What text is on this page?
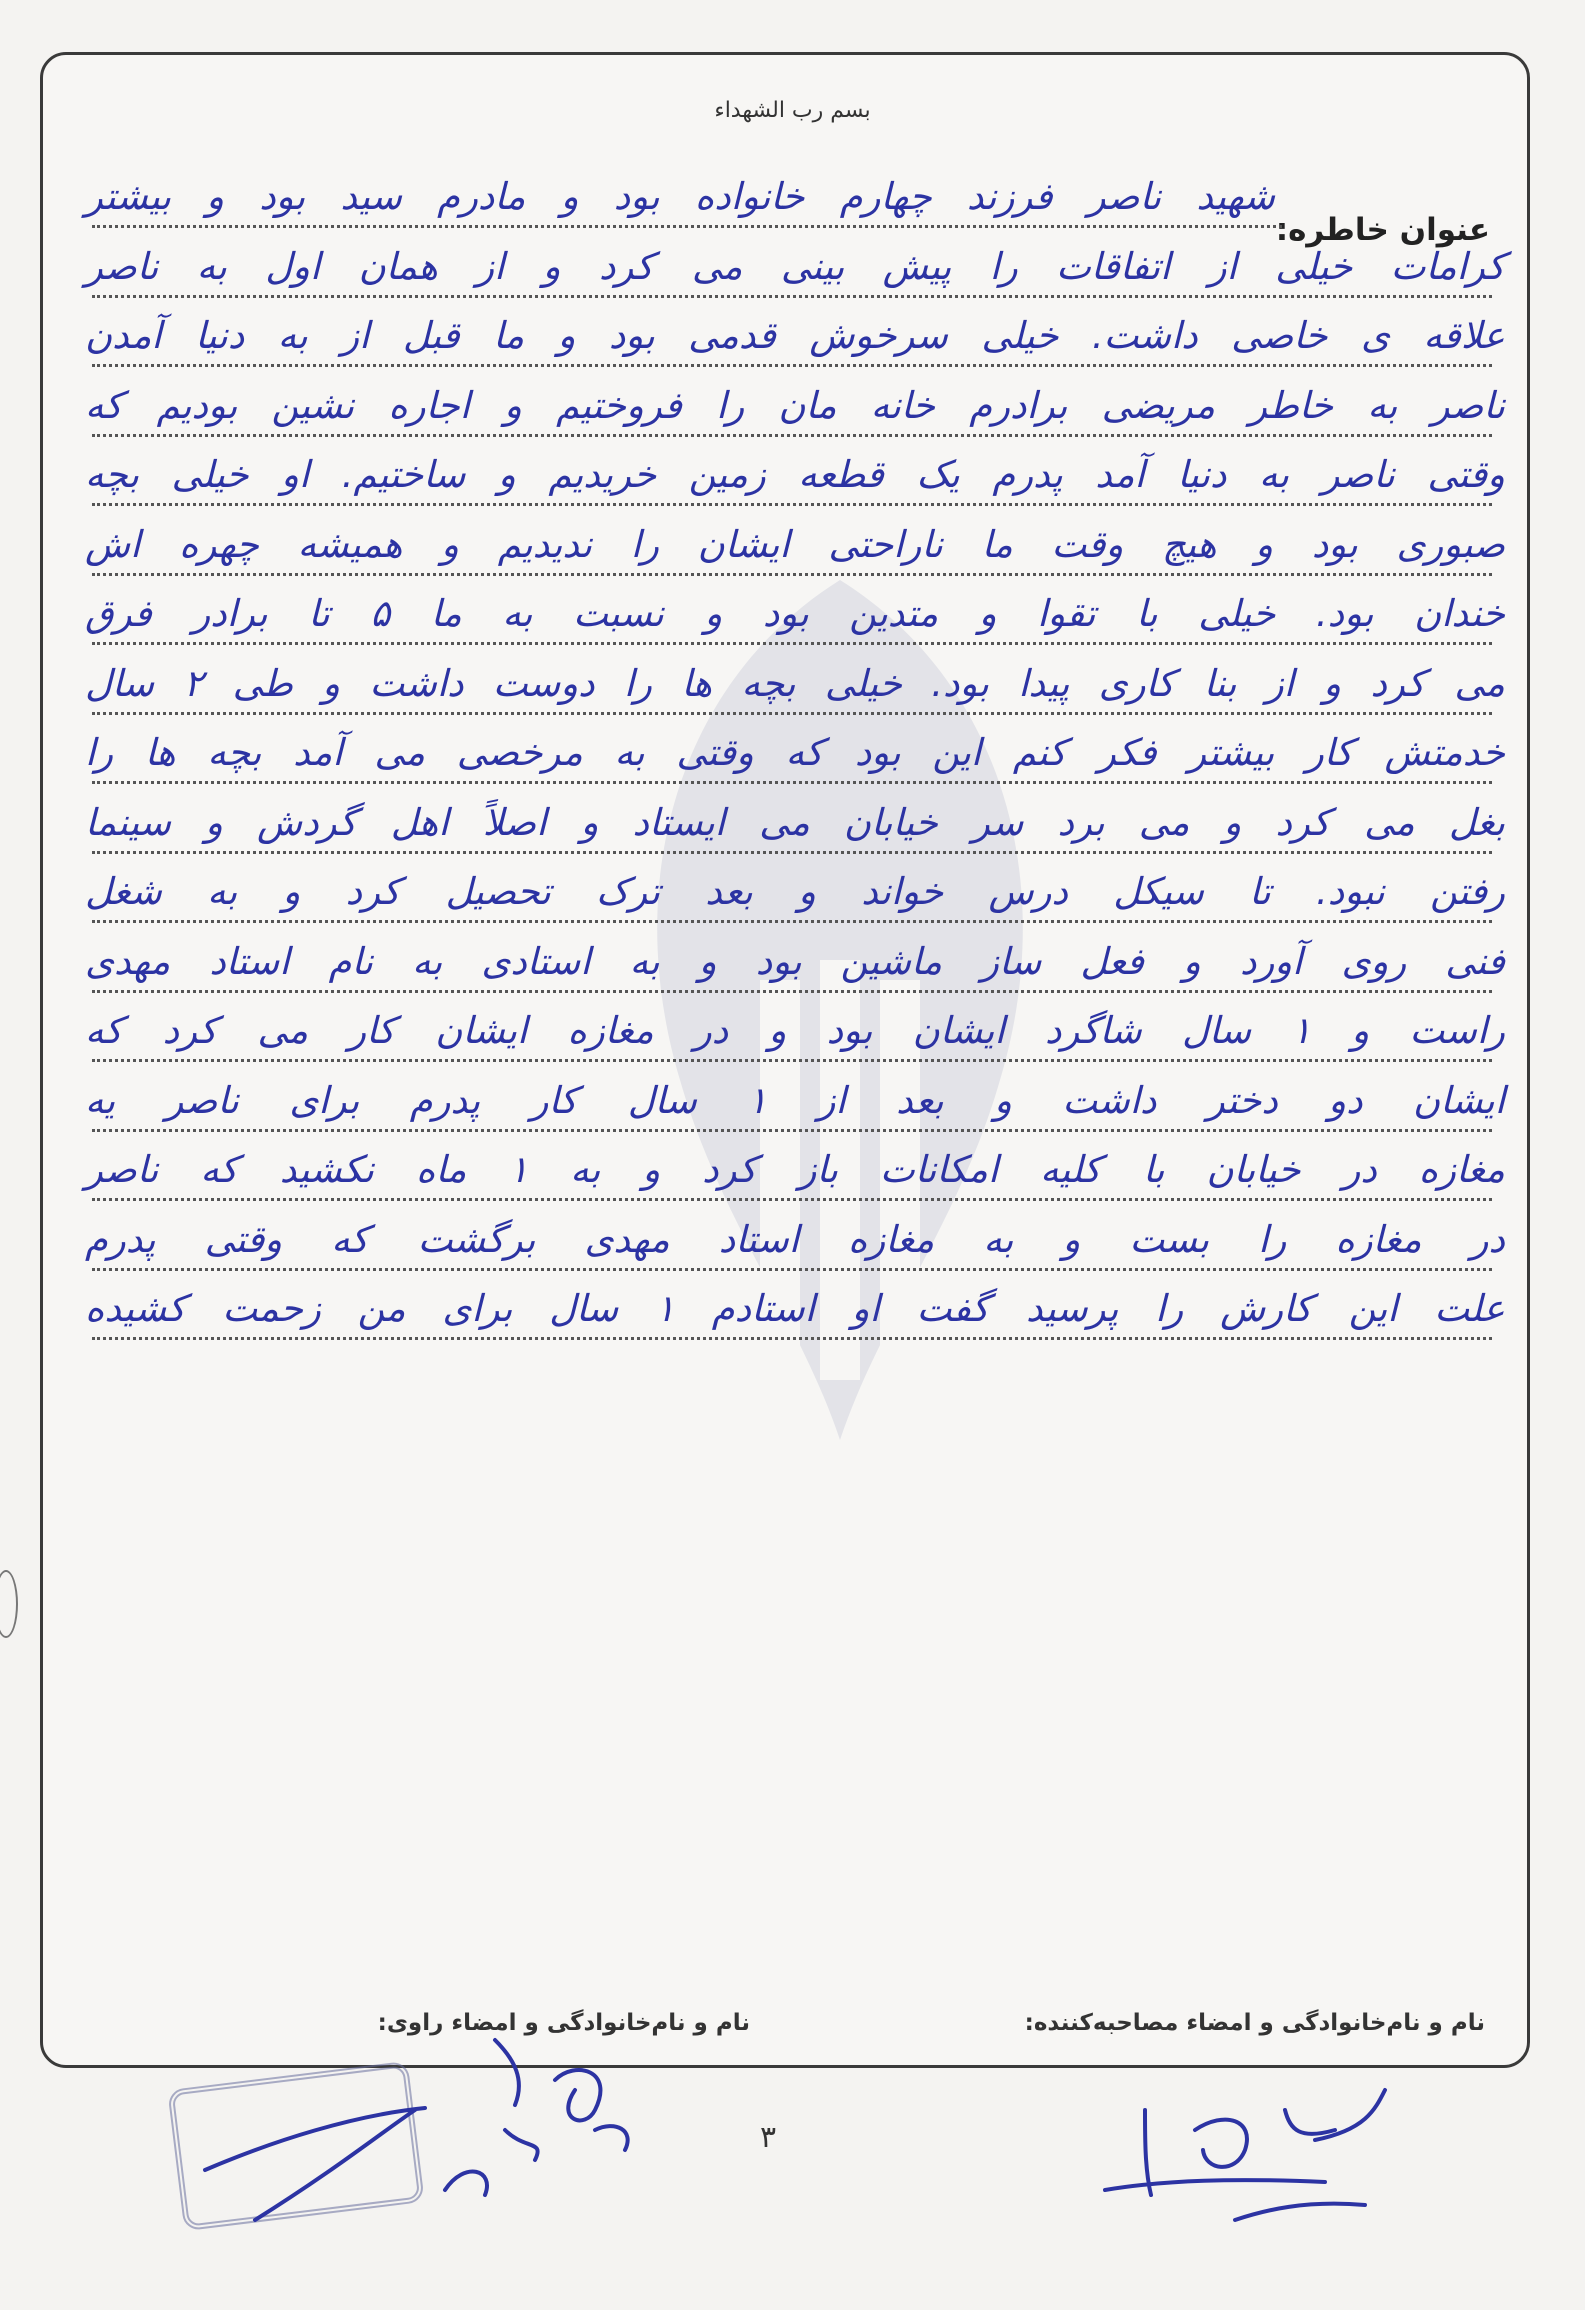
بسم رب الشهداء
عنوان خاطره:
شهید ناصر فرزند چهارم خانواده بود و مادرم سید بود و بیشتر
کرامات خیلی از اتفاقات را پیش بینی می کرد و از همان اول به ناصر
علاقه ی خاصی داشت. خیلی سرخوش قدمی بود و ما قبل از به دنیا آمدن
ناصر به خاطر مریضی برادرم خانه مان را فروختیم و اجاره نشین بودیم که
وقتی ناصر به دنیا آمد پدرم یک قطعه زمین خریدیم و ساختیم. او خیلی بچه
صبوری بود و هیچ وقت ما ناراحتی ایشان را ندیدیم و همیشه چهره اش
خندان بود. خیلی با تقوا و متدین بود و نسبت به ما ۵ تا برادر فرق
می کرد و از بنا کاری پیدا بود. خیلی بچه ها را دوست داشت و طی ۲ سال
خدمتش کار بیشتر فکر کنم این بود که وقتی به مرخصی می آمد بچه ها را
بغل می کرد و می برد سر خیابان می ایستاد و اصلاً اهل گردش و سینما
رفتن نبود. تا سیکل درس خواند و بعد ترک تحصیل کرد و به شغل
فنی روی آورد و فعل ساز ماشین بود و به استادی به نام استاد مهدی
راست و ۱ سال شاگرد ایشان بود و در مغازه ایشان کار می کرد که
ایشان دو دختر داشت و بعد از ۱ سال کار پدرم برای ناصر یه
مغازه در خیابان با کلیه امکانات باز کرد و به ۱ ماه نکشید که ناصر
در مغازه را بست و به مغازه استاد مهدی برگشت که وقتی پدرم
علت این کارش را پرسید گفت او استادم ۱ سال برای من زحمت کشیده
نام و نام‌خانوادگی و امضاء مصاحبه‌کننده:
نام و نام‌خانوادگی و امضاء راوی:
۳
